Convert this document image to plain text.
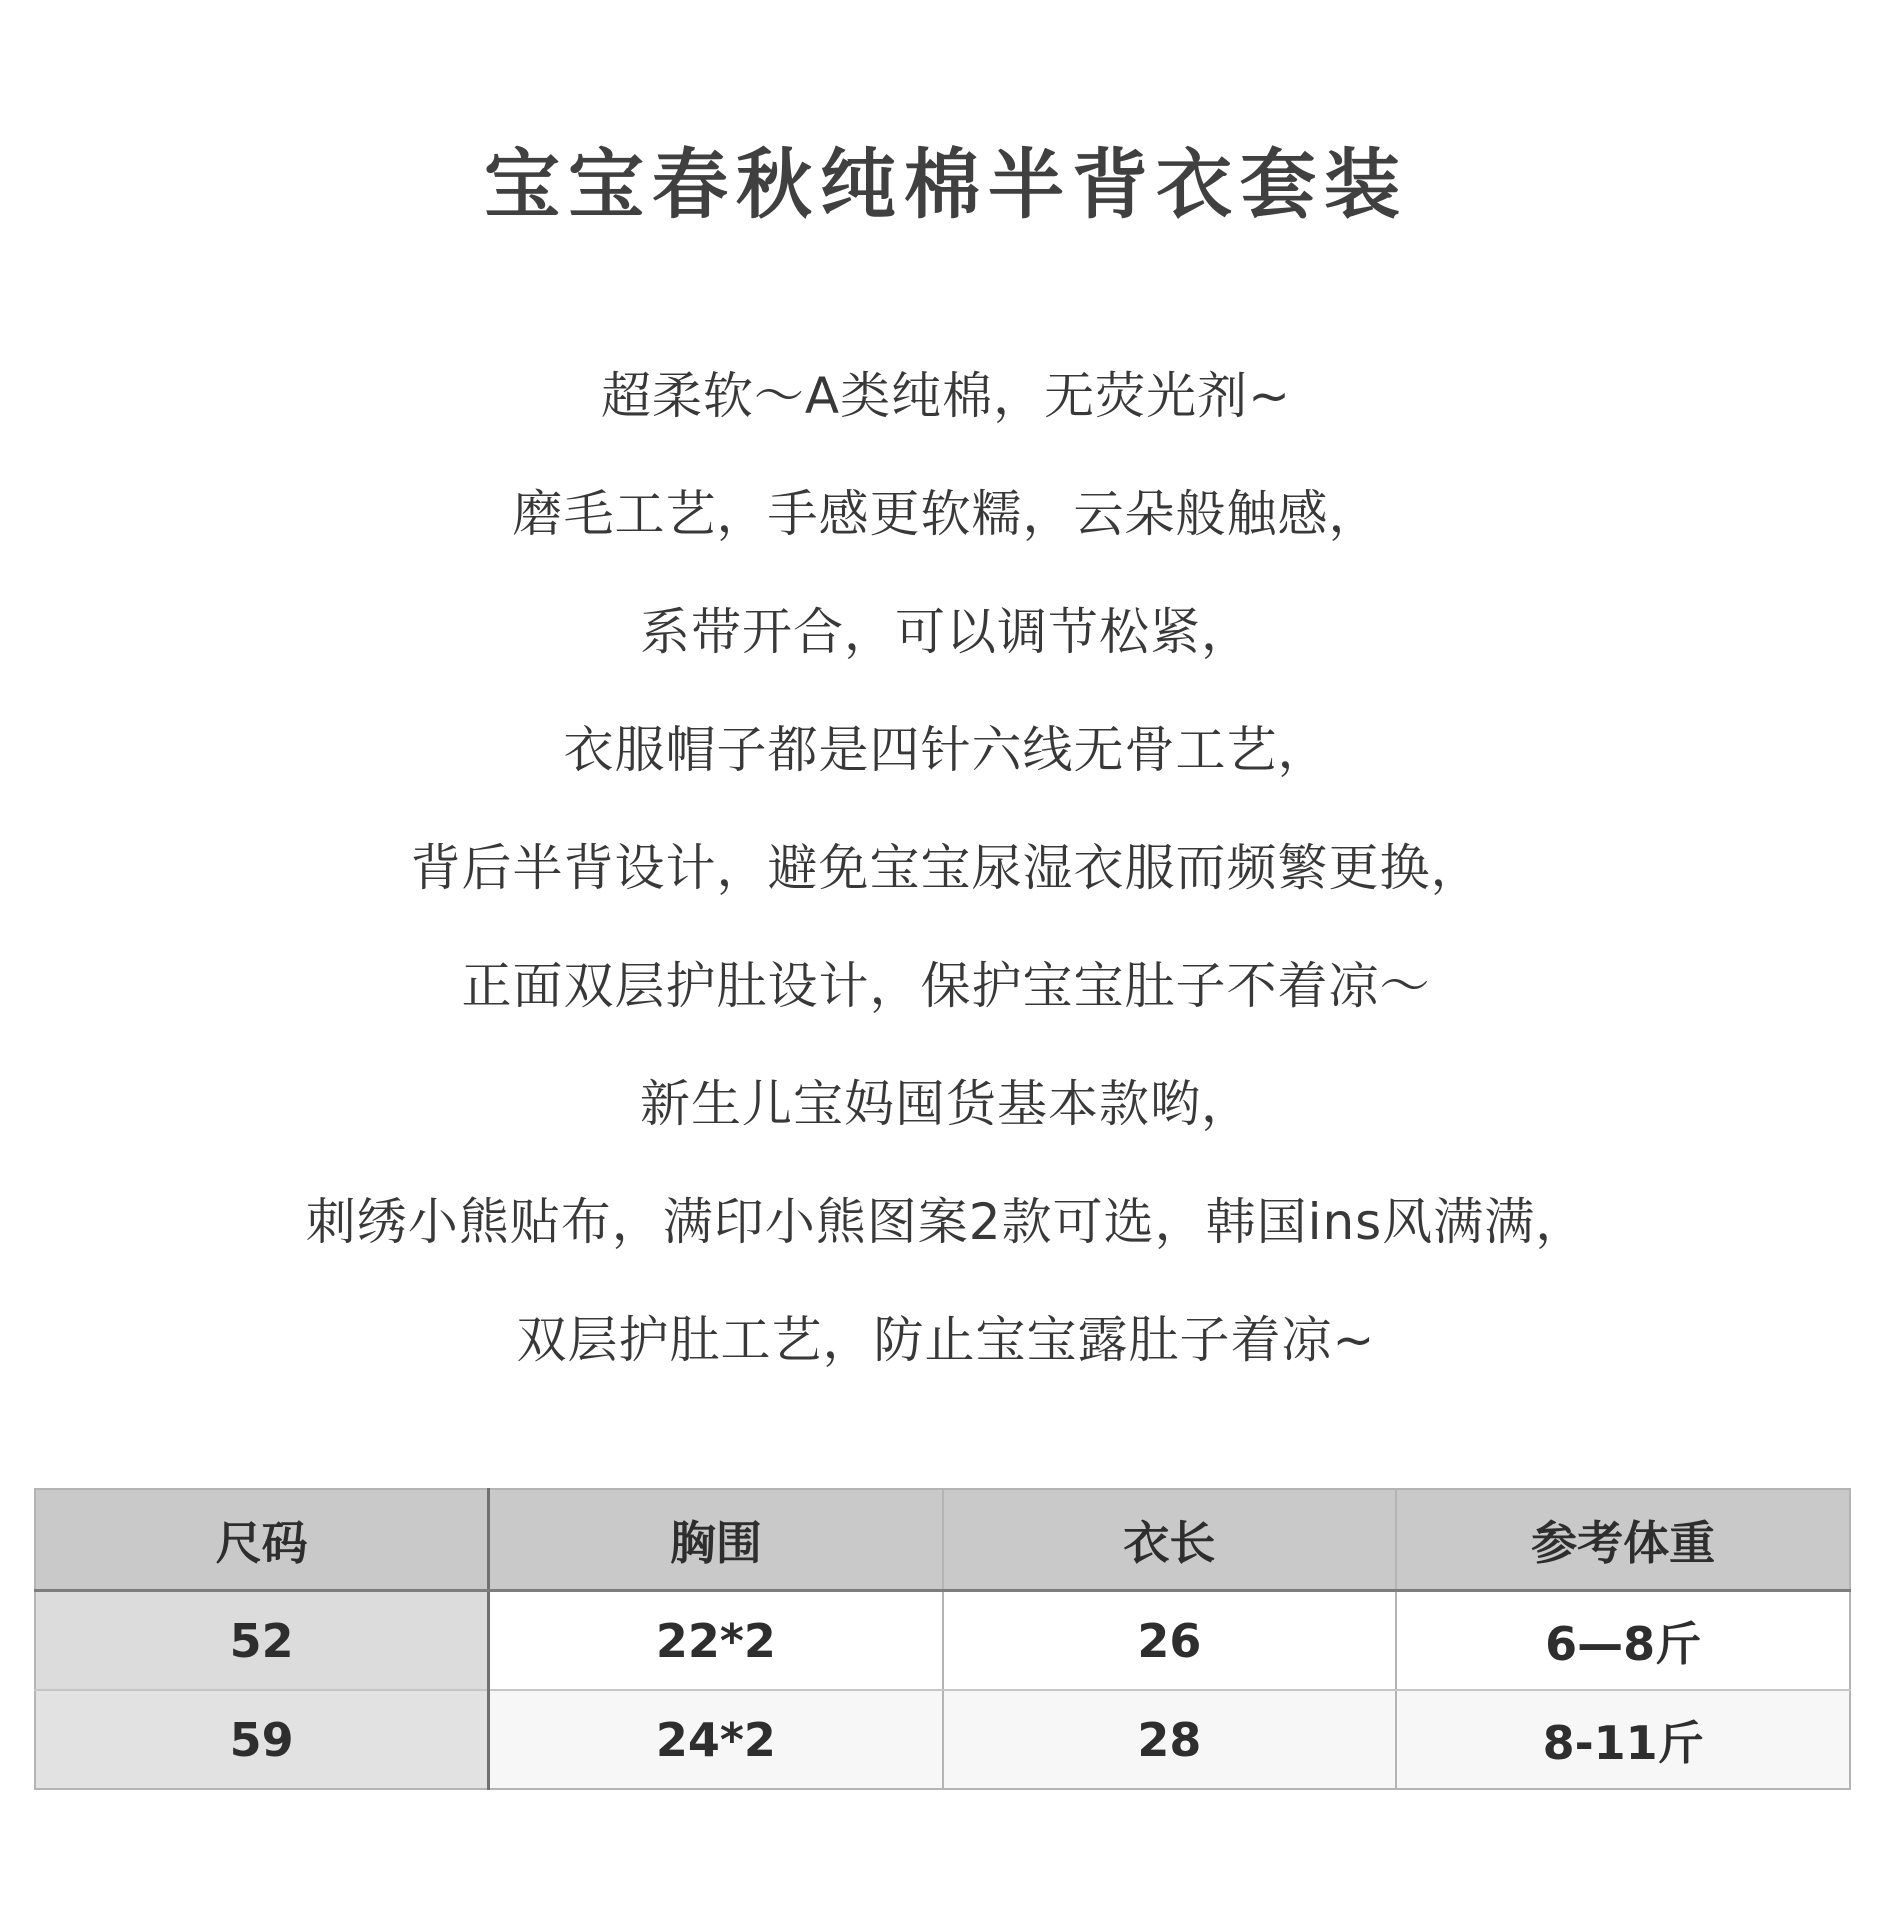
宝宝春秋纯棉半背衣套装
超柔软～A类纯棉，无荧光剂~
磨毛工艺，手感更软糯，云朵般触感，
系带开合，可以调节松紧，
衣服帽子都是四针六线无骨工艺，
背后半背设计，避免宝宝尿湿衣服而频繁更换，
正面双层护肚设计，保护宝宝肚子不着凉～
新生儿宝妈囤货基本款哟，
刺绣小熊贴布，满印小熊图案2款可选，韩国ins风满满，
双层护肚工艺，防止宝宝露肚子着凉~
尺码	胸围	衣长	参考体重
52	22*2	26	6—8斤
59	24*2	28	8-11斤
